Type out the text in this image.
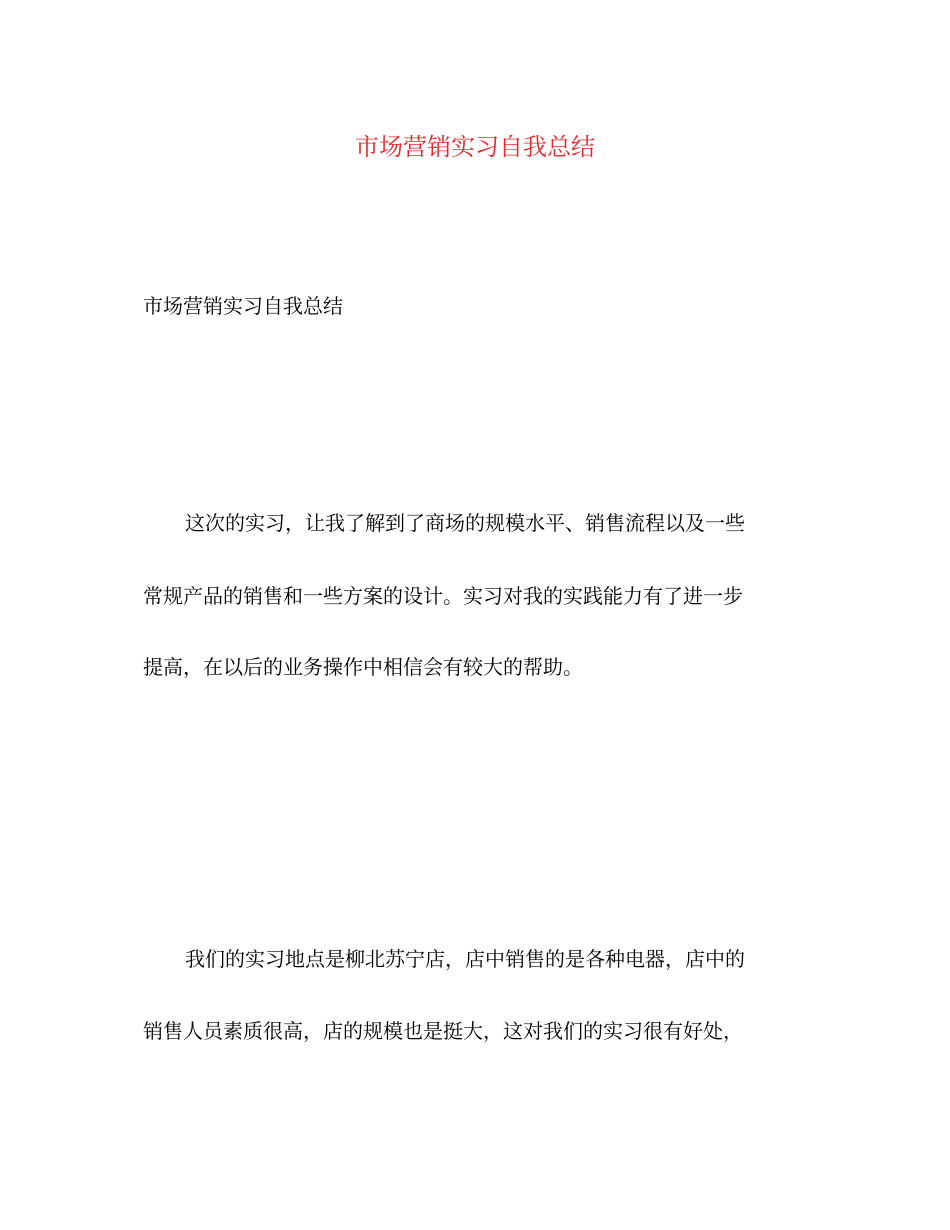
市场营销实习自我总结

市场营销实习自我总结

这次的实习，让我了解到了商场的规模水平、销售流程以及一些

常规产品的销售和一些方案的设计。实习对我的实践能力有了进一步

提高，在以后的业务操作中相信会有较大的帮助。

我们的实习地点是柳北苏宁店，店中销售的是各种电器，店中的

销售人员素质很高，店的规模也是挺大，这对我们的实习很有好处，
